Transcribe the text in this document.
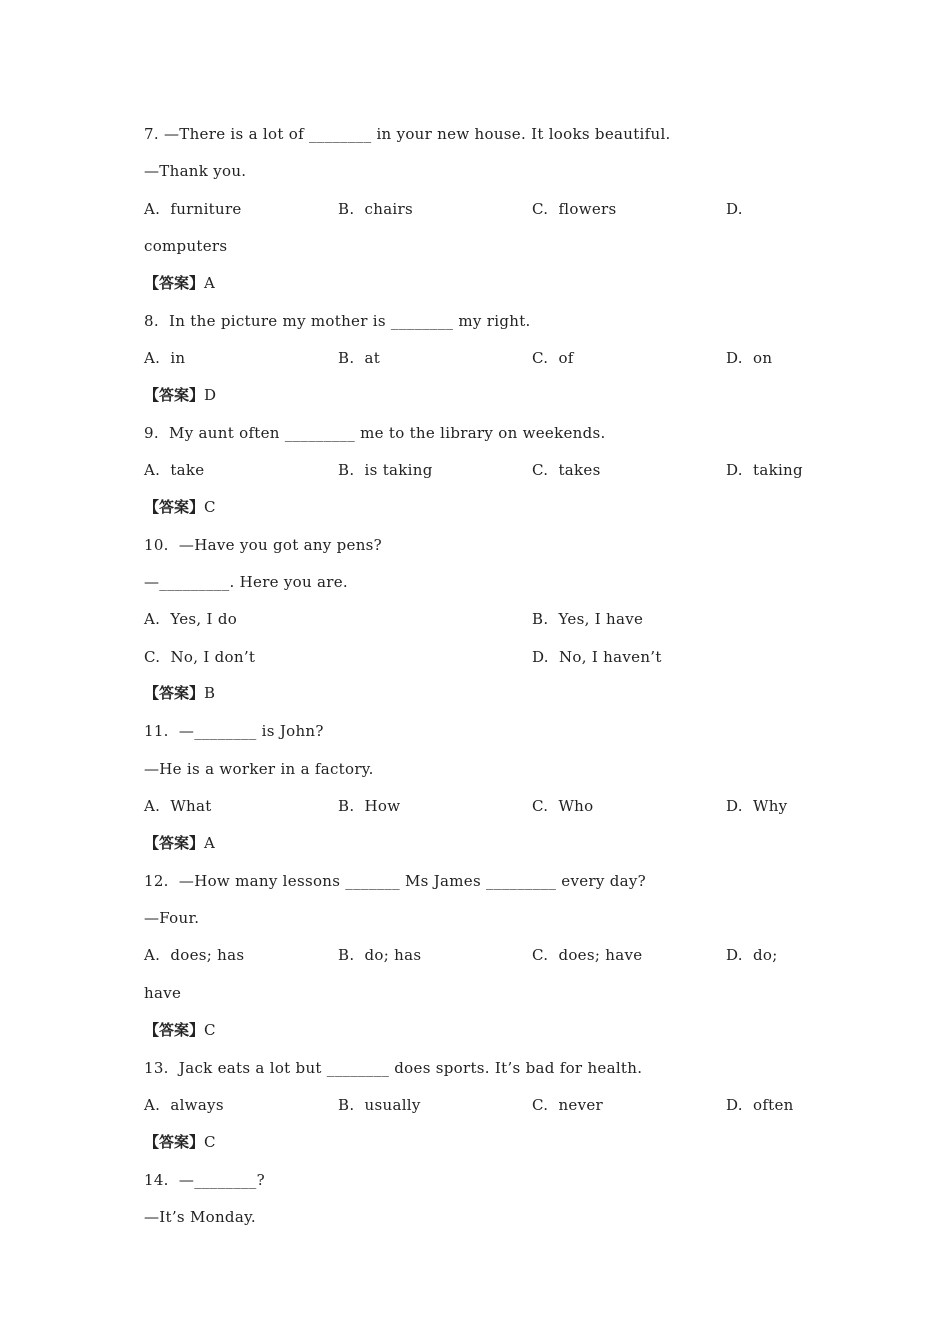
7. —There is a lot of ________ in your new house. It looks beautiful.
—Thank you.
A.  furniture	B.  chairs	C.  flowers	D.
computers
【答案】A
8.  In the picture my mother is ________ my right.
A.  in	B.  at	C.  of	D.  on
【答案】D
9.  My aunt often _________ me to the library on weekends.
A.  take	B.  is taking	C.  takes	D.  taking
【答案】C
10.  —Have you got any pens?
—_________. Here you are.
A.  Yes, I do	B.  Yes, I have
C.  No, I don’t	D.  No, I haven’t
【答案】B
11.  —________ is John?
—He is a worker in a factory.
A.  What	B.  How	C.  Who	D.  Why
【答案】A
12.  —How many lessons _______ Ms James _________ every day?
—Four.
A.  does; has	B.  do; has	C.  does; have	D.  do;
have
【答案】C
13.  Jack eats a lot but ________ does sports. It’s bad for health.
A.  always	B.  usually	C.  never	D.  often
【答案】C
14.  —________?
—It’s Monday.
